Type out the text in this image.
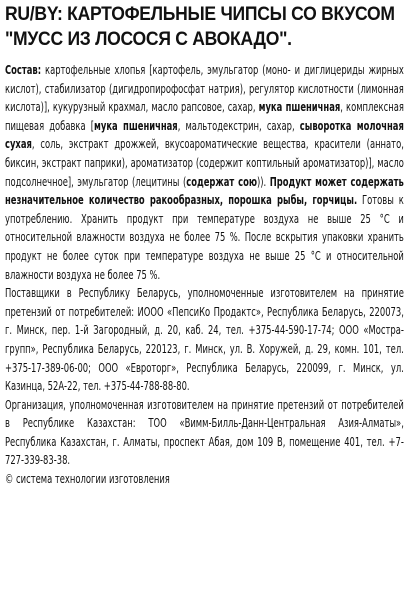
RU/BY: КАРТОФЕЛЬНЫЕ ЧИПСЫ СО ВКУСОМ "МУСС ИЗ ЛОСОСЯ С АВОКАДО".

Состав: картофельные хлопья [картофель, эмульгатор (моно- и диглицериды жирных кислот), стабилизатор (дигидропирофосфат натрия), регулятор кислотности (лимонная кислота)], кукурузный крахмал, масло рапсовое, сахар, мука пшеничная, комплексная пищевая добавка [мука пшеничная, мальтодекстрин, сахар, сыворотка молочная сухая, соль, экстракт дрожжей, вкусоароматические вещества, красители (аннато, биксин, экстракт паприки), ароматизатор (содержит коптильный ароматизатор)], масло подсолнечное], эмульгатор (лецитины (содержат сою)). Продукт может содержать незначительное количество ракообразных, порошка рыбы, горчицы. Готовы к употреблению. Хранить продукт при температуре воздуха не выше 25 °С и относительной влажности воздуха не более 75 %. После вскрытия упаковки хранить продукт не более суток при температуре воздуха не выше 25 °С и относительной влажности воздуха не более 75 %.

Поставщики в Республику Беларусь, уполномоченные изготовителем на принятие претензий от потребителей: ИООО «ПепсиКо Продактс», Республика Беларусь, 220073, г. Минск, пер. 1-й Загородный, д. 20, каб. 24, тел. +375-44-590-17-74; ООО «Мостра-групп», Республика Беларусь, 220123, г. Минск, ул. В. Хоружей, д. 29, комн. 101, тел. +375-17-389-06-00; ООО «Евроторг», Республика Беларусь, 220099, г. Минск, ул. Казинца, 52А-22, тел. +375-44-788-88-80.

Организация, уполномоченная изготовителем на принятие претензий от потребителей в Республике Казахстан: ТОО «Вимм-Билль-Данн-Центральная Азия-Алматы», Республика Казахстан, г. Алматы, проспект Абая, дом 109 В, помещение 401, тел. +7-727-339-83-38.

© система технологии изготовления
